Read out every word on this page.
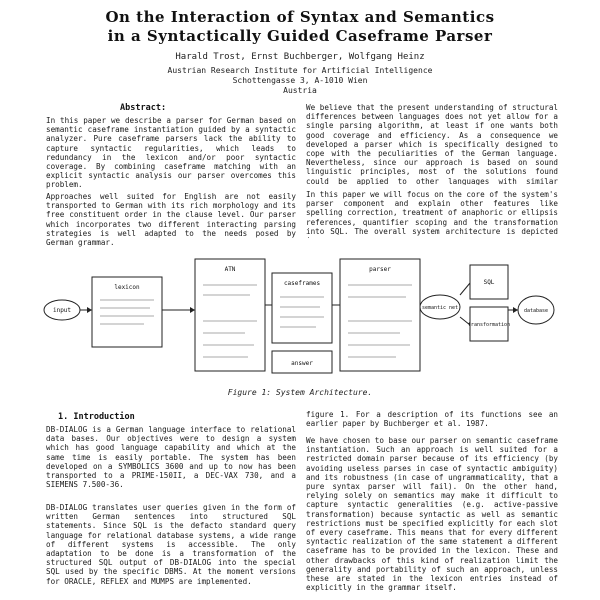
On the Interaction of Syntax and Semantics
in a Syntactically Guided Caseframe Parser
Harald Trost, Ernst Buchberger, Wolfgang Heinz
Austrian Research Institute for Artificial Intelligence
Schottengasse 3, A-1010 Wien
Austria
Abstract:

In this paper we describe a parser for German based on semantic caseframe instantiation guided by a syntactic analyzer. Pure caseframe parsers lack the ability to capture syntactic regularities, which leads to redundancy in the lexicon and/or poor syntactic coverage. By combining caseframe matching with an explicit syntactic analysis our parser overcomes this problem.

Approaches well suited for English are not easily transported to German with its rich morphology and its free constituent order in the clause level. Our parser which incorporates two different interacting parsing strategies is well adapted to the needs posed by German grammar.

We believe that the present understanding of structural differences between languages does not yet allow for a single parsing algorithm, at least if one wants both good coverage and efficiency. As a consequence we developed a parser which is specifically designed to cope with the peculiarities of the German language. Nevertheless, since our approach is based on sound linguistic principles, most of the solutions found could be applied to other languages with similar

In this paper we will focus on the core of the system's parser component and explain other features like spelling correction, treatment of anaphoric or ellipsis references, quantifier scoping and the transformation into SQL. The overall system architecture is depicted

input
lexicon
ATN
caseframes
parser
semantic net
SQL
transformation
database
answer
Figure 1: System Architecture.
1. Introduction

DB-DIALOG is a German language interface to relational data bases. Our objectives were to design a system which has good language capability and which at the same time is easily portable. The system has been developed on a SYMBOLICS 3600 and up to now has been transported to a PRIME-150II, a DEC-VAX 730, and a SIEMENS 7.500-36.

DB-DIALOG translates user queries given in the form of written German sentences into structured SQL statements. Since SQL is the defacto standard query language for relational database systems, a wide range of different systems is accessible. The only adaptation to be done is a transformation of the structured SQL output of DB-DIALOG into the special SQL used by the specific DBMS. At the moment versions for ORACLE, REFLEX and MUMPS are implemented.

figure 1. For a description of its functions see an earlier paper by Buchberger et al. 1987.

We have chosen to base our parser on semantic caseframe instantiation. Such an approach is well suited for a restricted domain parser because of its efficiency (by avoiding useless parses in case of syntactic ambiguity) and its robustness (in case of ungrammaticality, that a pure syntax parser will fail). On the other hand, relying solely on semantics may make it difficult to capture syntactic generalities (e.g. active-passive transformation) because syntactic as well as semantic restrictions must be specified explicitly for each slot of every caseframe. This means that for every different syntactic realization of the same statement a different caseframe has to be provided in the lexicon. These and other drawbacks of this kind of realization limit the generality and portability of such an approach, unless these are stated in the lexicon entries instead of explicitly in the grammar itself.
